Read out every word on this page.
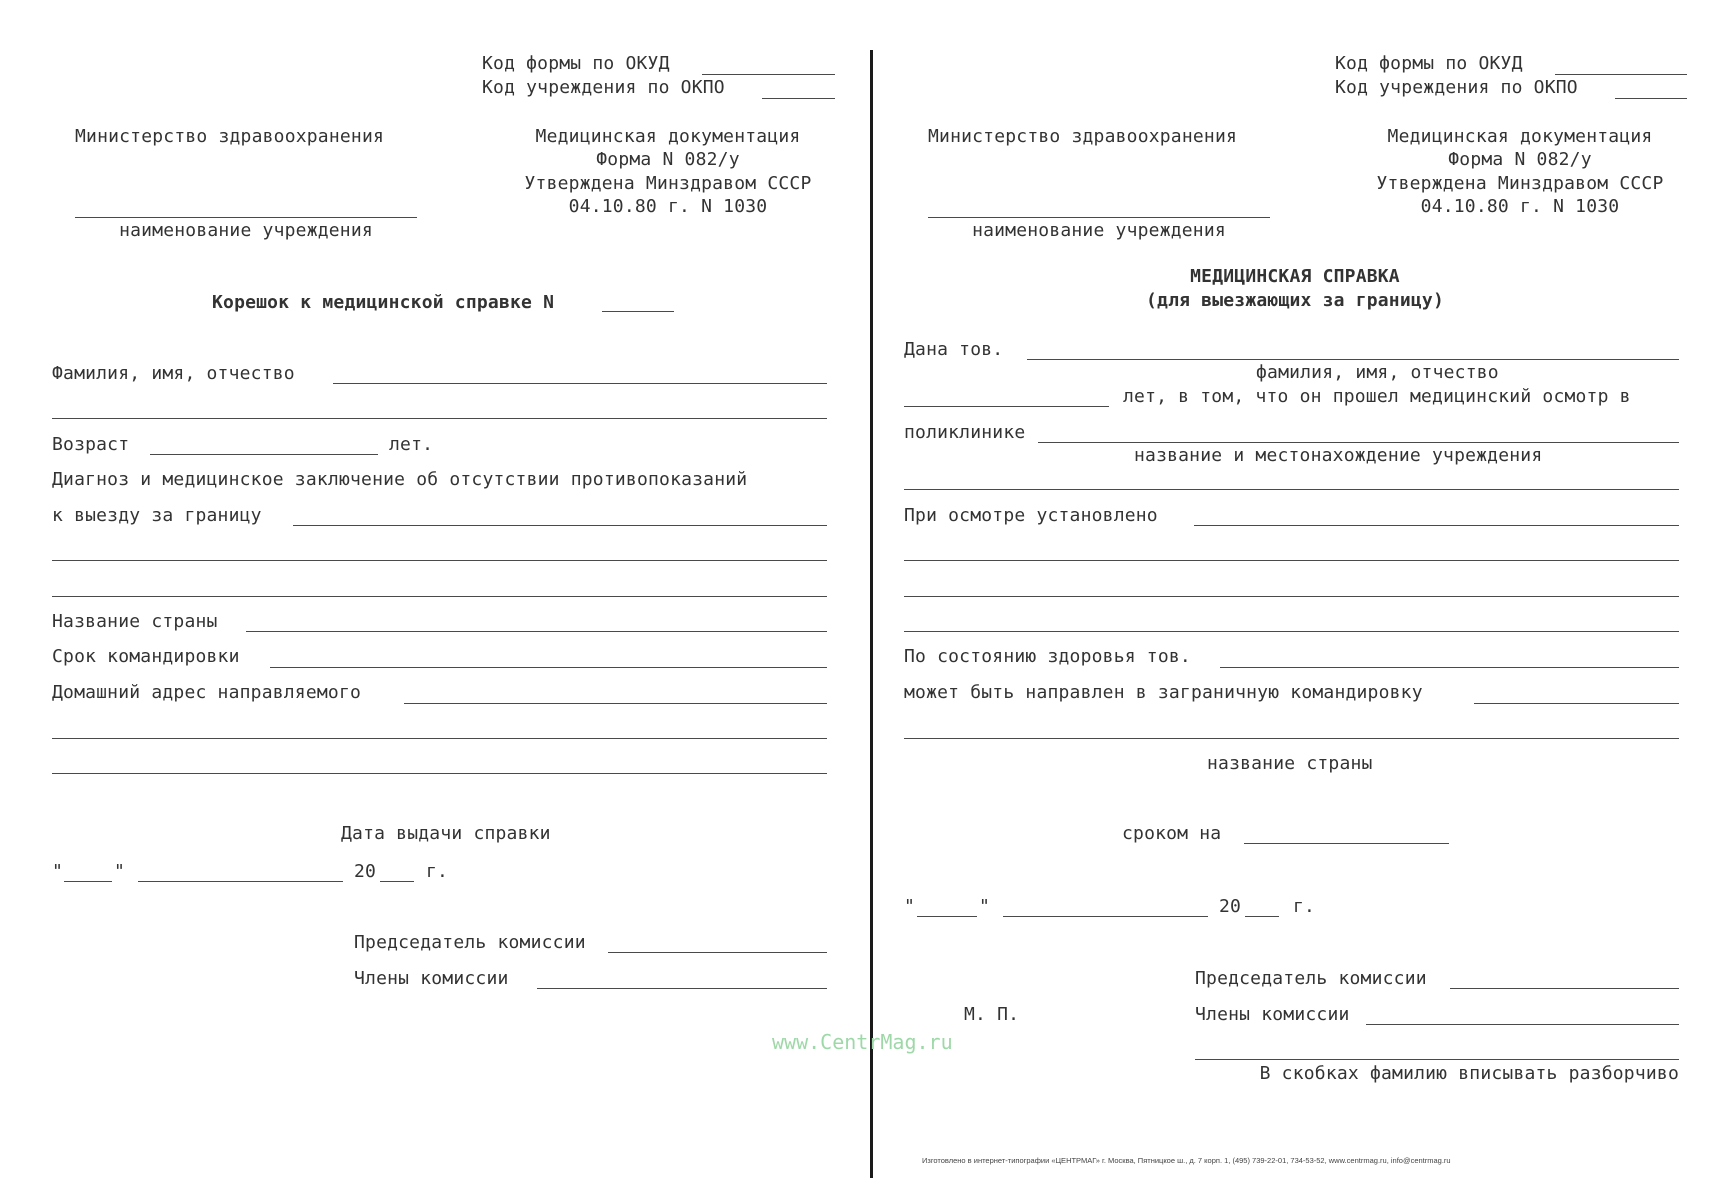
Код формы по ОКУД
Код учреждения по ОКПО
Министерство здравоохранения
наименование учреждения
Медицинская документация
Форма N 082/у
Утверждена Минздравом СССР
04.10.80 г. N 1030
Корешок к медицинской справке N
Фамилия, имя, отчество
Возраст	лет.
Диагноз и медицинское заключение об отсутствии противопоказаний
к выезду за границу
Название страны
Срок командировки
Домашний адрес направляемого
Дата выдачи справки
"	"	20	г.
Председатель комиссии
Члены комиссии
Код формы по ОКУД
Код учреждения по ОКПО
Министерство здравоохранения
наименование учреждения
Медицинская документация
Форма N 082/у
Утверждена Минздравом СССР
04.10.80 г. N 1030
МЕДИЦИНСКАЯ СПРАВКА
(для выезжающих за границу)
Дана тов.
фамилия, имя, отчество
лет, в том, что он прошел медицинский осмотр в
поликлинике
название и местонахождение учреждения
При осмотре установлено
По состоянию здоровья тов.
может быть направлен в заграничную командировку
название страны
сроком на
"	"	20	г.
Председатель комиссии
М. П.	Члены комиссии
В скобках фамилию вписывать разборчиво
Изготовлено в интернет-типографии «ЦЕНТРМАГ» г. Москва, Пятницкое ш., д. 7 корп. 1, (495) 739-22-01, 734-53-52, www.centrmag.ru, info@centrmag.ru
www.CentrMag.ru
